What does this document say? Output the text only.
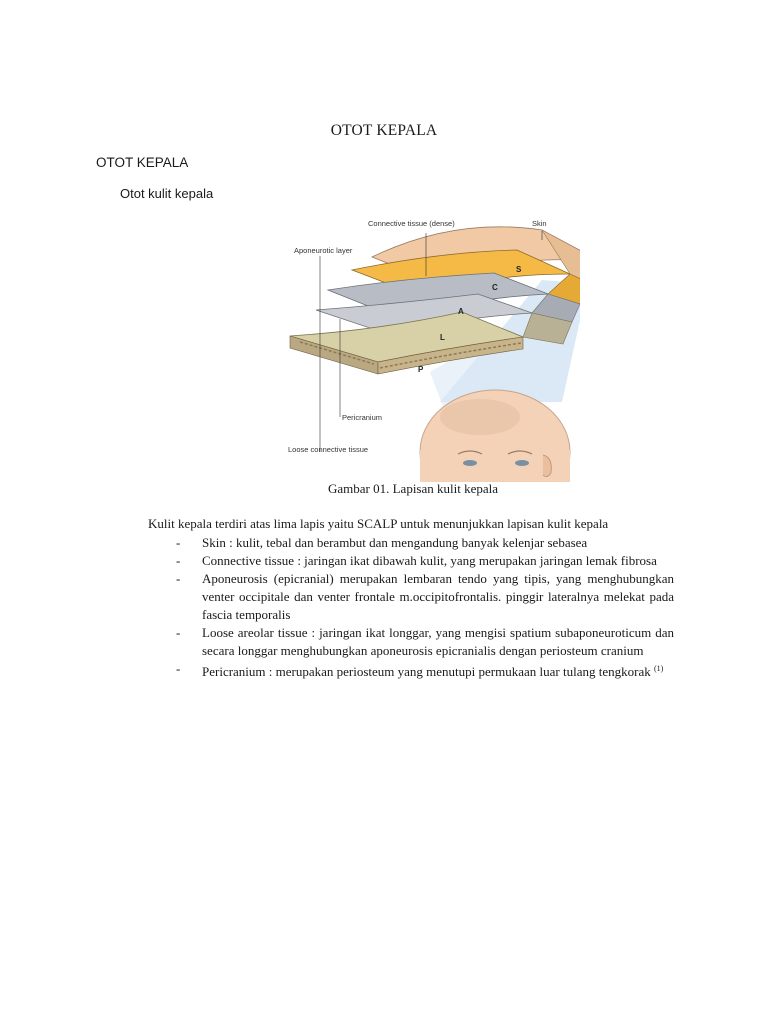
OTOT KEPALA
OTOT KEPALA
Otot kulit kepala
Connective tissue (dense)	Skin
Aponeurotic layer
Pericranium
Loose connective tissue
S
C
A
L
P
Gambar 01. Lapisan kulit kepala
Kulit kepala terdiri atas lima lapis yaitu SCALP untuk menunjukkan lapisan kulit kepala
- Skin : kulit, tebal dan berambut dan mengandung banyak kelenjar sebasea
- Connective tissue : jaringan ikat dibawah kulit, yang merupakan jaringan lemak fibrosa
- Aponeurosis (epicranial) merupakan lembaran tendo yang tipis, yang menghubungkan venter occipitale dan venter frontale m.occipitofrontalis. pinggir lateralnya melekat pada fascia temporalis
- Loose areolar tissue : jaringan ikat longgar, yang mengisi spatium subaponeuroticum dan secara longgar menghubungkan aponeurosis epicranialis dengan periosteum cranium
- Pericranium : merupakan periosteum yang menutupi permukaan luar tulang tengkorak $^{(1)}$
